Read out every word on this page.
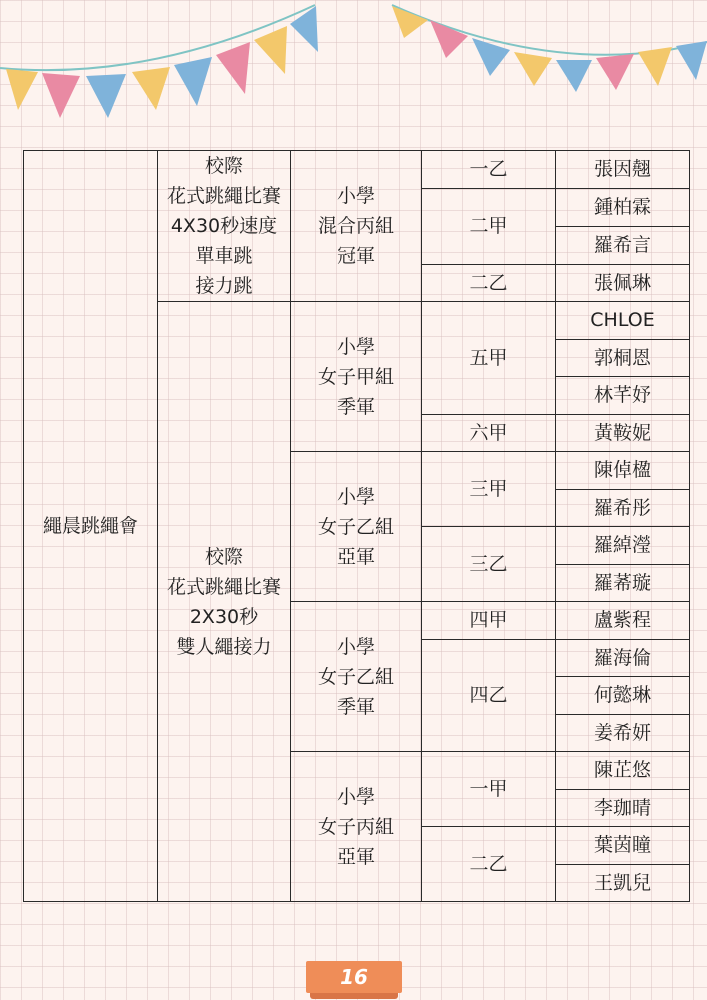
繩晨跳繩會	校際
花式跳繩比賽
4X30秒速度
單車跳
接力跳	小學
混合丙組
冠軍	一乙	張因翹
			二甲	鍾柏霖
				羅希言
			二乙	張佩琳

	校際
花式跳繩比賽
2X30秒
雙人繩接力	小學
女子甲組
季軍	五甲	CHLOE
				郭桐恩
				林芊妤
			六甲	黃鞍妮

		小學
女子乙組
亞軍	三甲	陳倬楹
				羅希彤
			三乙	羅綽瀅
				羅莃璇

		小學
女子乙組
季軍	四甲	盧紫程
			四乙	羅海倫
				何懿琳
				姜希妍

		小學
女子丙組
亞軍	一甲	陳芷悠
				李珈晴
			二乙	葉茵瞳
				王凱兒
16
